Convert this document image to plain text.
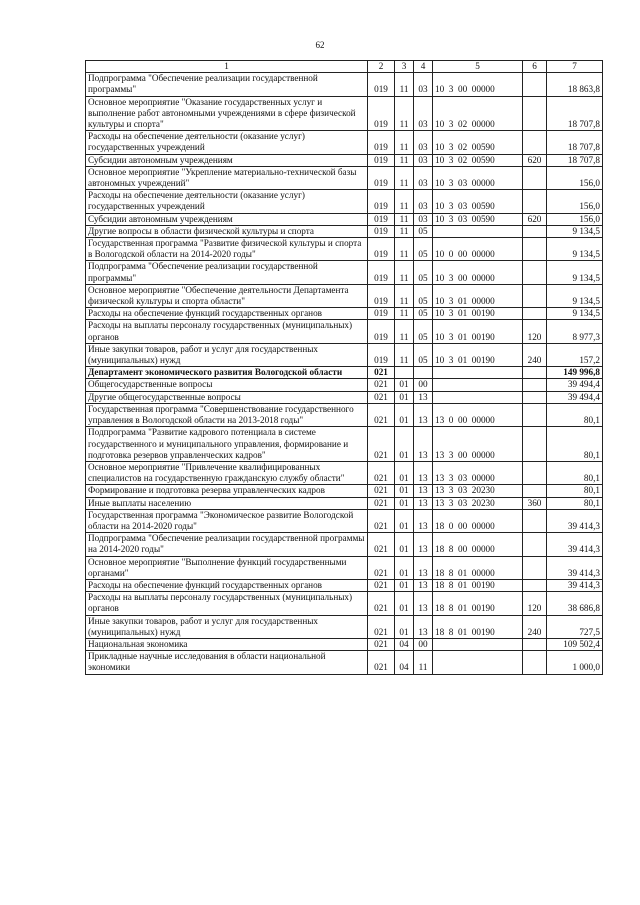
62
1	2	3	4	5	6	7
Подпрограмма "Обеспечение реализации государственной программы"	019	11	03	10  3  00  00000		18 863,8
Основное мероприятие "Оказание государственных услуг и выполнение работ автономными учреждениями в сфере физической культуры и спорта"	019	11	03	10  3  02  00000		18 707,8
Расходы на обеспечение деятельности (оказание услуг) государственных учреждений	019	11	03	10  3  02  00590		18 707,8
Субсидии автономным учреждениям	019	11	03	10  3  02  00590	620	18 707,8
Основное мероприятие "Укрепление материально-технической базы автономных учреждений"	019	11	03	10  3  03  00000		156,0
Расходы на обеспечение деятельности (оказание услуг) государственных учреждений	019	11	03	10  3  03  00590		156,0
Субсидии автономным учреждениям	019	11	03	10  3  03  00590	620	156,0
Другие вопросы в области физической культуры и спорта	019	11	05			9 134,5
Государственная программа "Развитие физической культуры и спорта в Вологодской области на 2014-2020 годы"	019	11	05	10  0  00  00000		9 134,5
Подпрограмма "Обеспечение реализации государственной программы"	019	11	05	10  3  00  00000		9 134,5
Основное мероприятие "Обеспечение деятельности Департамента физической культуры и спорта области"	019	11	05	10  3  01  00000		9 134,5
Расходы на обеспечение функций государственных органов	019	11	05	10  3  01  00190		9 134,5
Расходы на выплаты персоналу государственных (муниципальных) органов	019	11	05	10  3  01  00190	120	8 977,3
Иные закупки товаров, работ и услуг для государственных (муниципальных) нужд	019	11	05	10  3  01  00190	240	157,2
Департамент экономического развития Вологодской области	021					149 996,8
Общегосударственные вопросы	021	01	00			39 494,4
Другие общегосударственные вопросы	021	01	13			39 494,4
Государственная программа "Совершенствование государственного управления в Вологодской области на 2013-2018 годы"	021	01	13	13  0  00  00000		80,1
Подпрограмма "Развитие кадрового потенциала в системе государственного и муниципального управления, формирование и подготовка резервов управленческих кадров"	021	01	13	13  3  00  00000		80,1
Основное мероприятие "Привлечение квалифицированных специалистов на государственную гражданскую службу области"	021	01	13	13  3  03  00000		80,1
Формирование и подготовка резерва управленческих кадров	021	01	13	13  3  03  20230		80,1
Иные выплаты населению	021	01	13	13  3  03  20230	360	80,1
Государственная программа "Экономическое развитие Вологодской области на 2014-2020 годы"	021	01	13	18  0  00  00000		39 414,3
Подпрограмма "Обеспечение реализации государственной программы на 2014-2020 годы"	021	01	13	18  8  00  00000		39 414,3
Основное мероприятие "Выполнение функций государственными органами"	021	01	13	18  8  01  00000		39 414,3
Расходы на обеспечение функций государственных органов	021	01	13	18  8  01  00190		39 414,3
Расходы на выплаты персоналу государственных (муниципальных) органов	021	01	13	18  8  01  00190	120	38 686,8
Иные закупки товаров, работ и услуг для государственных (муниципальных) нужд	021	01	13	18  8  01  00190	240	727,5
Национальная экономика	021	04	00			109 502,4
Прикладные научные исследования в области национальной экономики	021	04	11			1 000,0
